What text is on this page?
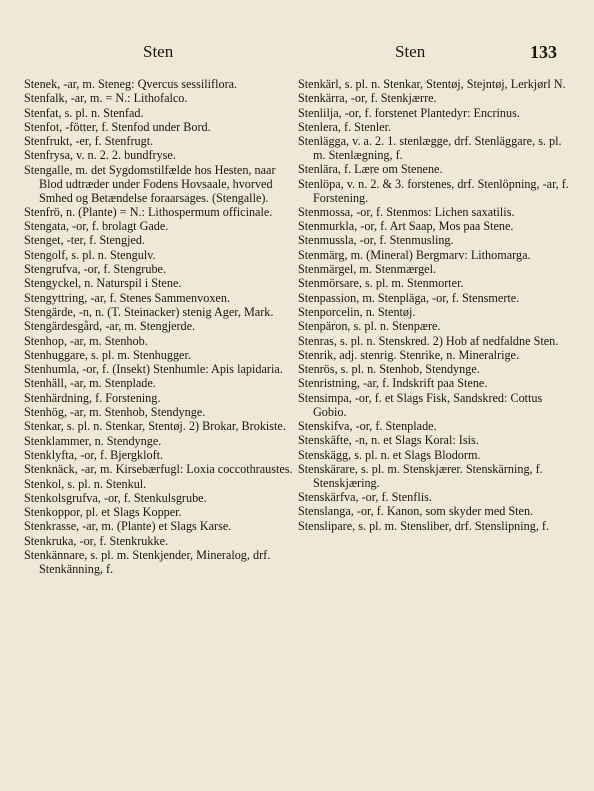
Sten	Sten	133
Stenek, -ar, m. Steneg: Qvercus sessiliflora.
Stenfalk, -ar, m. = N.: Lithofalco.
Stenfat, s. pl. n. Stenfad.
Stenfot, -fötter, f. Stenfod under Bord.
Stenfrukt, -er, f. Stenfrugt.
Stenfrysa, v. n. 2. 2. bundfryse.
Stengalle, m. det Sygdomstilfælde hos Hesten, naar Blod udtræder under Fodens Hovsaale, hvorved Smhed og Betændelse foraarsages. (Stengalle).
Stenfrö, n. (Plante) = N.: Lithospermum officinale.
Stengata, -or, f. brolagt Gade.
Stenget, -ter, f. Stengjed.
Stengolf, s. pl. n. Stengulv.
Stengrufva, -or, f. Stengrube.
Stengyckel, n. Naturspil i Stene.
Stengyttring, -ar, f. Stenes Sammenvoxen.
Stengärde, -n, n. (T. Steinacker) stenig Ager, Mark.
Stengärdesgård, -ar, m. Stengjerde.
Stenhop, -ar, m. Stenhob.
Stenhuggare, s. pl. m. Stenhugger.
Stenhumla, -or, f. (Insekt) Stenhumle: Apis lapidaria.
Stenhäll, -ar, m. Stenplade.
Stenhärdning, f. Forstening.
Stenhög, -ar, m. Stenhob, Stendynge.
Stenkar, s. pl. n. Stenkar, Stentøj. 2) Brokar, Brokiste.
Stenklammer, n. Stendynge.
Stenklyfta, -or, f. Bjergkloft.
Stenknäck, -ar, m. Kirsebærfugl: Loxia coccothraustes.
Stenkol, s. pl. n. Stenkul.
Stenkolsgrufva, -or, f. Stenkulsgrube.
Stenkoppor, pl. et Slags Kopper.
Stenkrasse, -ar, m. (Plante) et Slags Karse.
Stenkruka, -or, f. Stenkrukke.
Stenkännare, s. pl. m. Stenkjender, Mineralog, drf. Stenkänning, f.
Stenkärl, s. pl. n. Stenkar, Stentøj, Stejntøj, Lerkjørl N.
Stenkärra, -or, f. Stenkjærre.
Stenlilja, -or, f. forstenet Plantedyr: Encrinus.
Stenlera, f. Stenler.
Stenlägga, v. a. 2. 1. stenlægge, drf. Stenläggare, s. pl. m. Stenlægning, f.
Stenlära, f. Lære om Stenene.
Stenlöpa, v. n. 2. & 3. forstenes, drf. Stenlöpning, -ar, f. Forstening.
Stenmossa, -or, f. Stenmos: Lichen saxatilis.
Stenmurkla, -or, f. Art Saap, Mos paa Stene.
Stenmussla, -or, f. Stenmusling.
Stenmärg, m. (Mineral) Bergmarv: Lithomarga.
Stenmärgel, m. Stenmærgel.
Stenmörsare, s. pl. m. Stenmorter.
Stenpassion, m. Stenpläga, -or, f. Stensmerte.
Stenporcelin, n. Stentøj.
Stenpäron, s. pl. n. Stenpære.
Stenras, s. pl. n. Stenskred. 2) Hob af nedfaldne Sten.
Stenrik, adj. stenrig. Stenrike, n. Mineralrige.
Stenrös, s. pl. n. Stenhob, Stendynge.
Stenristning, -ar, f. Indskrift paa Stene.
Stensimpa, -or, f. et Slags Fisk, Sandskred: Cottus Gobio.
Stenskifva, -or, f. Stenplade.
Stenskäfte, -n, n. et Slags Koral: Isis.
Stenskägg, s. pl. n. et Slags Blodorm.
Stenskärare, s. pl. m. Stenskjærer. Stenskärning, f. Stenskjæring.
Stenskärfva, -or, f. Stenflis.
Stenslanga, -or, f. Kanon, som skyder med Sten.
Stenslipare, s. pl. m. Stensliber, drf. Stenslipning, f.
